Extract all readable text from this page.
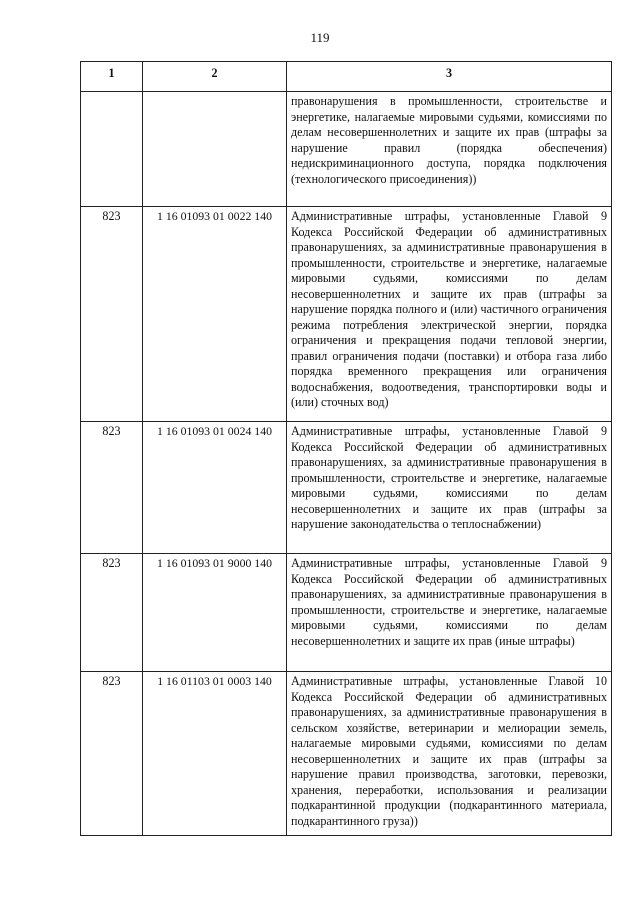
119
1	2	3
		правонарушения в промышленности, строительстве и энергетике, налагаемые мировыми судьями, комиссиями по делам несовершеннолетних и защите их прав (штрафы за нарушение правил (порядка обеспечения) недискриминационного доступа, порядка подключения (технологического присоединения))
823	1 16 01093 01 0022 140	Административные штрафы, установленные Главой 9 Кодекса Российской Федерации об административных правонарушениях, за административные правонарушения в промышленности, строительстве и энергетике, налагаемые мировыми судьями, комиссиями по делам несовершеннолетних и защите их прав (штрафы за нарушение порядка полного и (или) частичного ограничения режима потребления электрической энергии, порядка ограничения и прекращения подачи тепловой энергии, правил ограничения подачи (поставки) и отбора газа либо порядка временного прекращения или ограничения водоснабжения, водоотведения, транспортировки воды и (или) сточных вод)
823	1 16 01093 01 0024 140	Административные штрафы, установленные Главой 9 Кодекса Российской Федерации об административных правонарушениях, за административные правонарушения в промышленности, строительстве и энергетике, налагаемые мировыми судьями, комиссиями по делам несовершеннолетних и защите их прав (штрафы за нарушение законодательства о теплоснабжении)
823	1 16 01093 01 9000 140	Административные штрафы, установленные Главой 9 Кодекса Российской Федерации об административных правонарушениях, за административные правонарушения в промышленности, строительстве и энергетике, налагаемые мировыми судьями, комиссиями по делам несовершеннолетних и защите их прав (иные штрафы)
823	1 16 01103 01 0003 140	Административные штрафы, установленные Главой 10 Кодекса Российской Федерации об административных правонарушениях, за административные правонарушения в сельском хозяйстве, ветеринарии и мелиорации земель, налагаемые мировыми судьями, комиссиями по делам несовершеннолетних и защите их прав (штрафы за нарушение правил производства, заготовки, перевозки, хранения, переработки, использования и реализации подкарантинной продукции (подкарантинного материала, подкарантинного груза))
